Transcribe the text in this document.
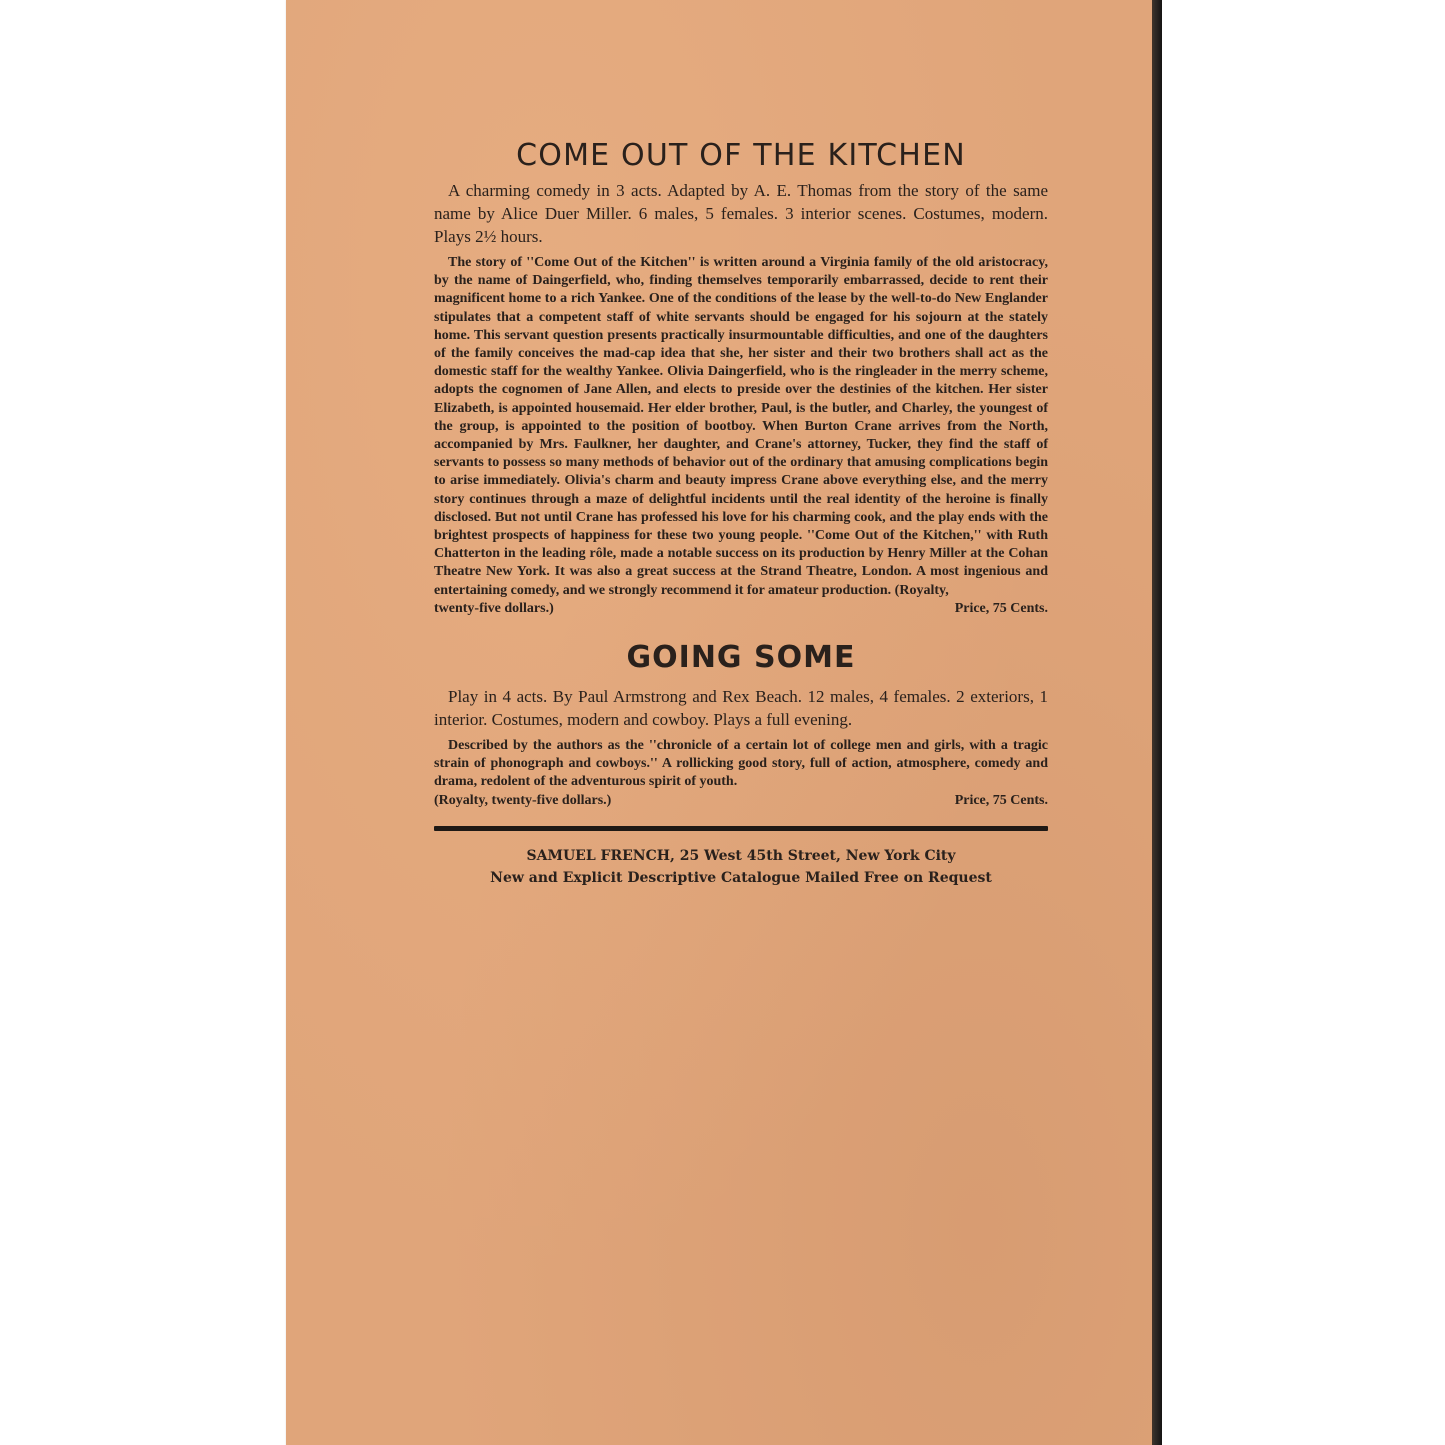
COME OUT OF THE KITCHEN

A charming comedy in 3 acts. Adapted by A. E. Thomas from the story of the same name by Alice Duer Miller. 6 males, 5 females. 3 interior scenes. Costumes, modern. Plays 2½ hours.

The story of ''Come Out of the Kitchen'' is written around a Virginia family of the old aristocracy, by the name of Daingerfield, who, finding themselves temporarily embarrassed, decide to rent their magnificent home to a rich Yankee. One of the conditions of the lease by the well-to-do New Englander stipulates that a competent staff of white servants should be engaged for his sojourn at the stately home. This servant question presents practically insurmountable difficulties, and one of the daughters of the family conceives the mad-cap idea that she, her sister and their two brothers shall act as the domestic staff for the wealthy Yankee. Olivia Daingerfield, who is the ringleader in the merry scheme, adopts the cognomen of Jane Allen, and elects to preside over the destinies of the kitchen. Her sister Elizabeth, is appointed housemaid. Her elder brother, Paul, is the butler, and Charley, the youngest of the group, is appointed to the position of bootboy. When Burton Crane arrives from the North, accompanied by Mrs. Faulkner, her daughter, and Crane's attorney, Tucker, they find the staff of servants to possess so many methods of behavior out of the ordinary that amusing complications begin to arise immediately. Olivia's charm and beauty impress Crane above everything else, and the merry story continues through a maze of delightful incidents until the real identity of the heroine is finally disclosed. But not until Crane has professed his love for his charming cook, and the play ends with the brightest prospects of happiness for these two young people. ''Come Out of the Kitchen,'' with Ruth Chatterton in the leading rôle, made a notable success on its production by Henry Miller at the Cohan Theatre New York. It was also a great success at the Strand Theatre, London. A most ingenious and entertaining comedy, and we strongly recommend it for amateur production. (Royalty,

twenty-five dollars.)	Price, 75 Cents.
GOING SOME

Play in 4 acts. By Paul Armstrong and Rex Beach. 12 males, 4 females. 2 exteriors, 1 interior. Costumes, modern and cowboy. Plays a full evening.

Described by the authors as the ''chronicle of a certain lot of college men and girls, with a tragic strain of phonograph and cowboys.'' A rollicking good story, full of action, atmosphere, comedy and drama, redolent of the adventurous spirit of youth.

(Royalty, twenty-five dollars.)	Price, 75 Cents.

SAMUEL FRENCH, 25 West 45th Street, New York City

New and Explicit Descriptive Catalogue Mailed Free on Request
